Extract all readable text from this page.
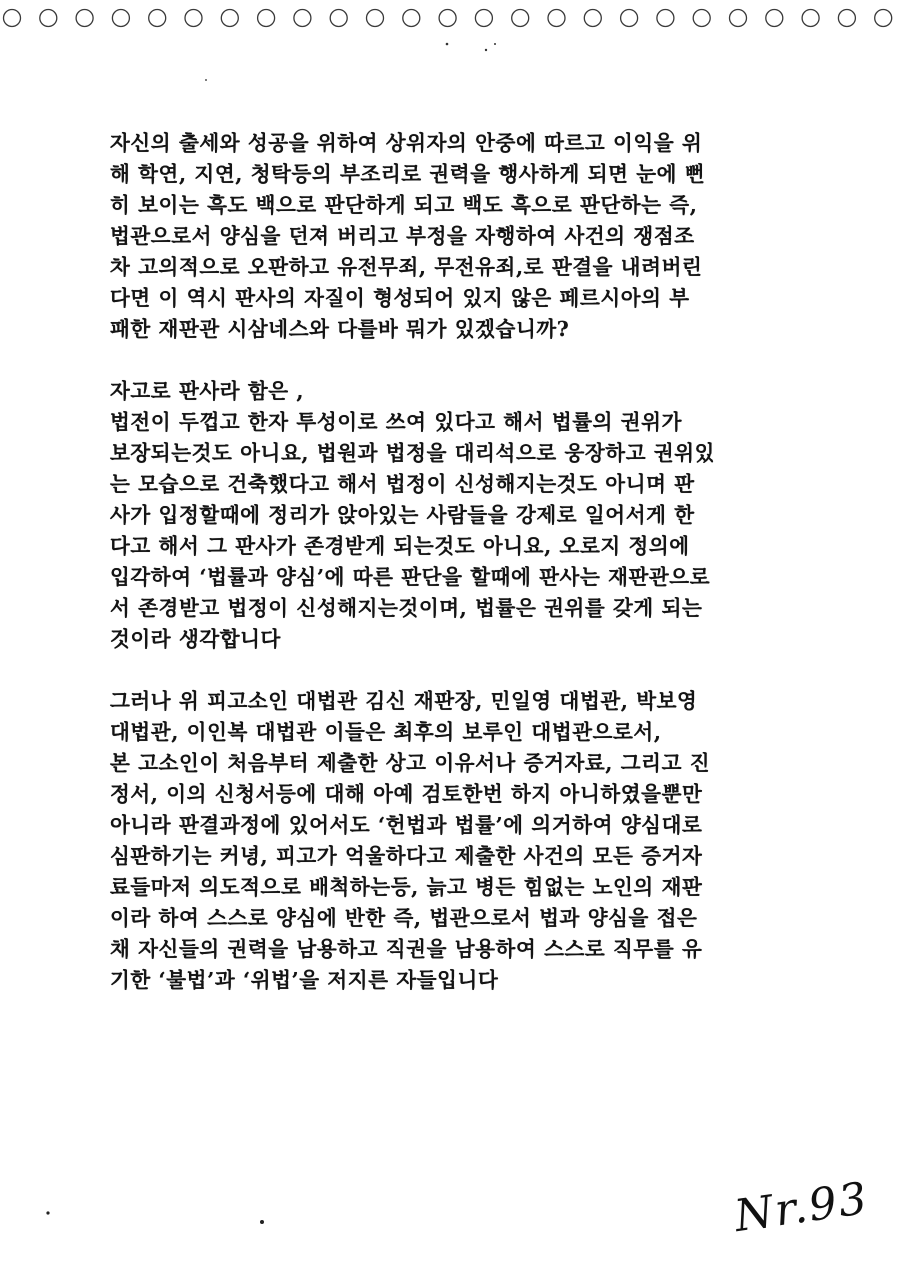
자신의 출세와 성공을 위하여 상위자의 안중에 따르고 이익을 위
해 학연, 지연, 청탁등의 부조리로 권력을 행사하게 되면 눈에 뻔
히 보이는 흑도 백으로 판단하게 되고 백도 흑으로 판단하는 즉,
법관으로서 양심을 던져 버리고 부정을 자행하여 사건의 쟁점조
차 고의적으로 오판하고 유전무죄, 무전유죄,로 판결을 내려버린
다면 이 역시 판사의 자질이 형성되어 있지 않은 페르시아의 부
패한 재판관 시삼네스와 다를바 뭐가 있겠습니까?
자고로 판사라 함은 ,
법전이 두껍고 한자 투성이로 쓰여 있다고 해서 법률의 권위가
보장되는것도 아니요, 법원과 법정을 대리석으로 웅장하고 권위있
는 모습으로 건축했다고 해서 법정이 신성해지는것도 아니며 판
사가 입정할때에 정리가 앉아있는 사람들을 강제로 일어서게 한
다고 해서 그 판사가 존경받게 되는것도 아니요, 오로지 정의에
입각하여 ‘법률과 양심’에 따른 판단을 할때에 판사는 재판관으로
서 존경받고 법정이 신성해지는것이며, 법률은 권위를 갖게 되는
것이라 생각합니다
그러나 위 피고소인 대법관 김신 재판장, 민일영 대법관, 박보영
대법관, 이인복 대법관 이들은 최후의 보루인 대법관으로서,
본 고소인이 처음부터 제출한 상고 이유서나 증거자료, 그리고 진
정서, 이의 신청서등에 대해 아예 검토한번 하지 아니하였을뿐만
아니라 판결과정에 있어서도 ‘헌법과 법률’에 의거하여 양심대로
심판하기는 커녕, 피고가 억울하다고 제출한 사건의 모든 증거자
료들마저 의도적으로 배척하는등, 늙고 병든 힘없는 노인의 재판
이라 하여 스스로 양심에 반한 즉, 법관으로서 법과 양심을 접은
채 자신들의 권력을 남용하고 직권을 남용하여 스스로 직무를 유
기한 ‘불법’과 ‘위법’을 저지른 자들입니다
Nr.93
